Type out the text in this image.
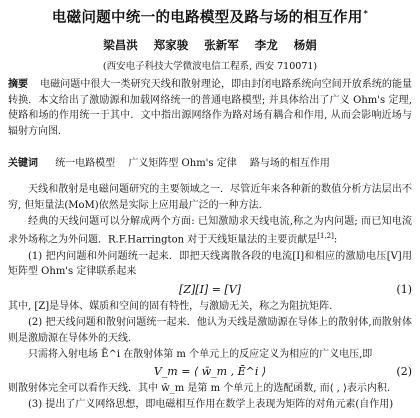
电磁问题中统一的电路模型及路与场的相互作用*
梁昌洪 郑家骏 张新军 李龙 杨娟
(西安电子科技大学微波电信工程系, 西安 710071)
摘要 电磁问题中很大一类研究天线和散射理论，即由封闭电路系统向空间开放系统的能量转换．本文给出了激励源和加载网络统一的普通电路模型; 并具体给出了广义 Ohm's 定理, 使路和场的作用统一于其中．文中指出源网络作为路对场有耦合和作用, 从而会影响近场与辐射方向图．
关键词 统一电路模型 广义矩阵型 Ohm's 定律 路与场的相互作用

天线和散射是电磁问题研究的主要领域之一．尽管近年来各种新的数值分析方法层出不穷, 但矩量法(MoM)依然是实际上应用最广泛的一种方法.

经典的天线问题可以分解成两个方面: 已知激励求天线电流,称之为内问题; 而已知电流求外场称之为外问题．R.F.Harrington 对于天线矩量法的主要贡献是[1,2]:

(1) 把内问题和外问题统一起来．即把天线离散各段的电流[I]和相应的激励电压[V]用矩阵型 Ohm's 定律联系起来

[Z][I] = [V]	(1)

其中, [Z]是导体、媒质和空间的固有特性，与激励无关，称之为阻抗矩阵.

(2) 把天线问题和散射问题统一起来．他认为天线是激励源在导体上的散射体,而散射体则是激励源在导体外的天线．

只需将入射电场 Ē^i 在散射体第 m 个单元上的反应定义为相应的广义电压,即

V_m = ⟨ w̄_m , Ē^i ⟩	(2)

则散射体完全可以看作天线．其中 w̄_m 是第 m 个单元上的选配函数, 而⟨ , ⟩表示内积.

(3) 提出了广义网络思想，即电磁相互作用在数学上表现为矩阵的对角元素(自作用)
